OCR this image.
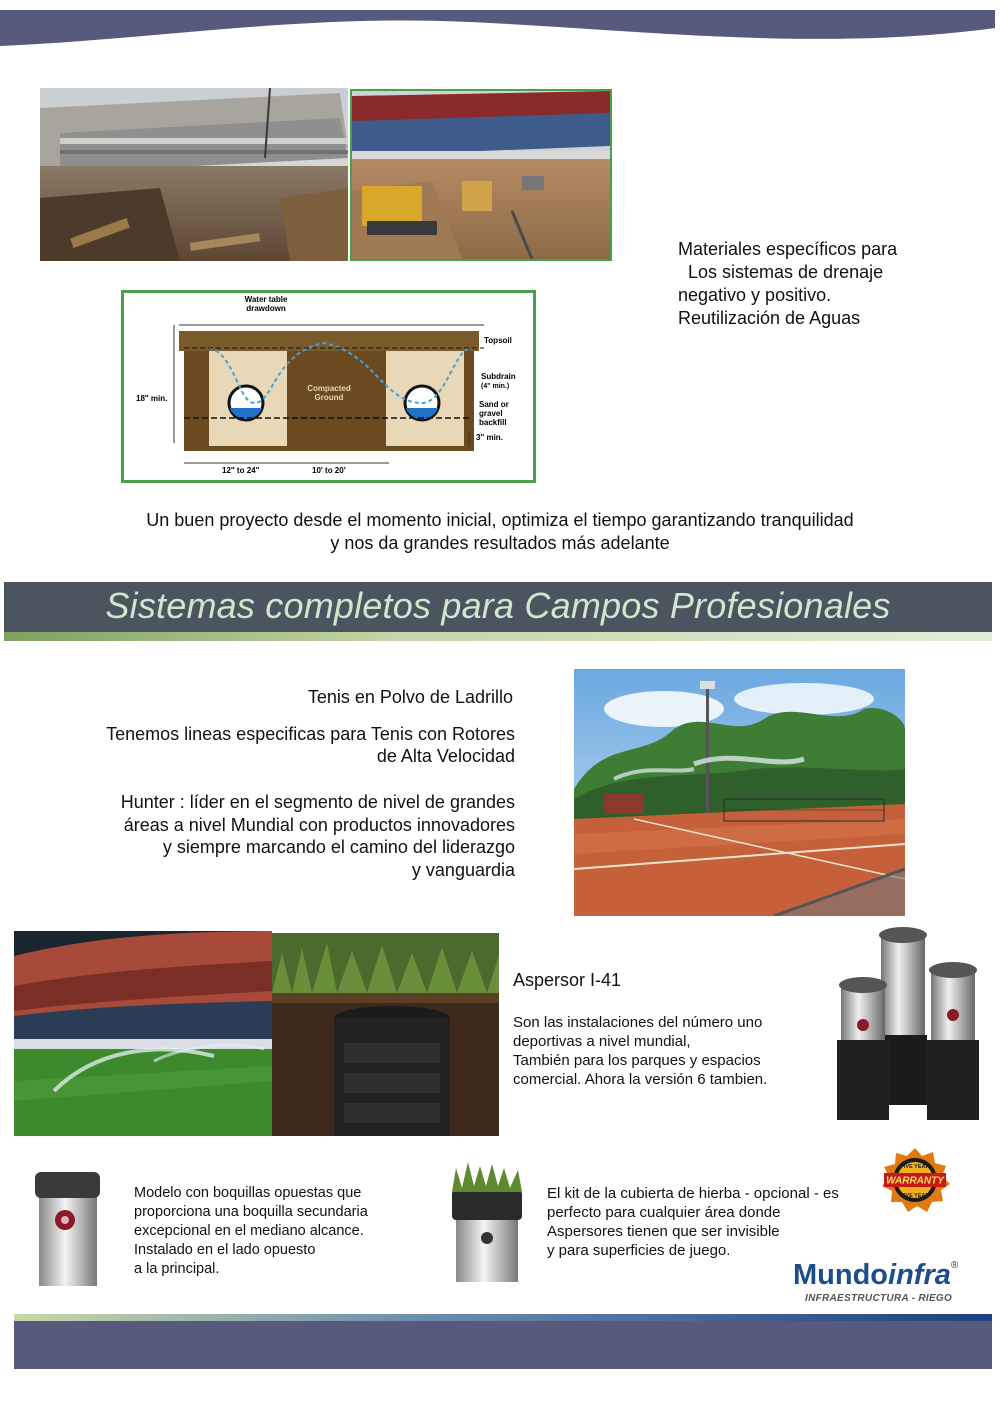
Materiales específicos para
Los sistemas de drenaje
negativo y positivo.
Reutilización de Aguas
Water table
drawdown
Topsoil
Subdrain
(4" min.)
Sand or
gravel
backfill
Compacted
Ground
18" min.
3" min.
12" to 24"	10' to 20'
Un buen proyecto desde el momento inicial, optimiza el tiempo garantizando tranquilidad
y nos da grandes resultados más adelante
Sistemas completos para Campos Profesionales
Tenis en Polvo de Ladrillo
Tenemos lineas especificas para Tenis con Rotores
de Alta Velocidad
Hunter : líder en el segmento de nivel de grandes
áreas a nivel Mundial con productos innovadores
y siempre marcando el camino del liderazgo
y vanguardia
Aspersor I-41
Son las instalaciones del número uno
deportivas a nivel mundial,
También para los parques y espacios
comercial. Ahora la versión 6 tambien.
Modelo con boquillas opuestas que
proporciona una boquilla secundaria
excepcional en el mediano alcance.
Instalado en el lado opuesto
a la principal.
El kit de la cubierta de hierba - opcional - es
perfecto para cualquier área donde
Aspersores tienen que ser invisible
y para superficies de juego.
WARRANTY
FIVE YEAR
FIVE YEAR
Mundoinfra®
INFRAESTRUCTURA - RIEGO
